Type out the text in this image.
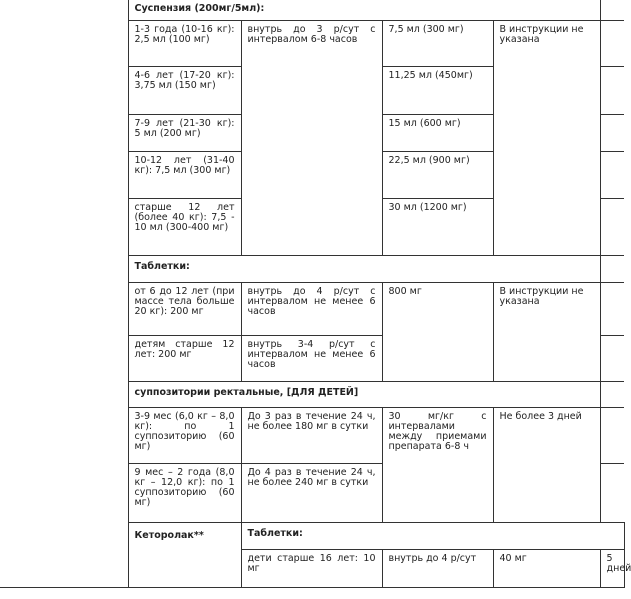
	Суспензия (200мг/5мл):					
	1-3 года (10-16 кг): 2,5 мл (100 мг)	внутрь до 3 р/сут с интервалом 6-8 часов	7,5 мл (300 мг)	В инструкции не указана		
	4-6 лет (17-20 кг): 3,75 мл (150 мг)		11,25 мл (450мг)			
	7-9 лет (21-30 кг): 5 мл (200 мг)		15 мл (600 мг)			
	10-12 лет (31-40 кг): 7,5 мл (300 мг)		22,5 мл (900 мг)			
	старше 12 лет (более 40 кг): 7,5 - 10 мл (300-400 мг)		30 мл (1200 мг)			
	Таблетки:					
	от 6 до 12 лет (при массе тела больше 20 кг): 200 мг	внутрь до 4 р/сут с интервалом не менее 6 часов	800 мг	В инструкции не указана		
	детям старше 12 лет: 200 мг	внутрь 3-4 р/сут с интервалом не менее 6 часов				
	суппозитории ректальные, [ДЛЯ ДЕТЕЙ]					
	3-9 мес (6,0 кг – 8,0 кг): по 1 суппозиторию (60 мг)	До 3 раз в течение 24 ч, не более 180 мг в сутки	30 мг/кг с интервалами между приемами препарата 6-8 ч	Не более 3 дней		
	9 мес – 2 года (8,0 кг – 12,0 кг): по 1 суппозиторию (60 мг)	До 4 раз в течение 24 ч, не более 240 мг в сутки				
	Кеторолак**	Таблетки:				
		дети старше 16 лет: 10 мг	внутрь до 4 р/сут	40 мг	5 дней	
